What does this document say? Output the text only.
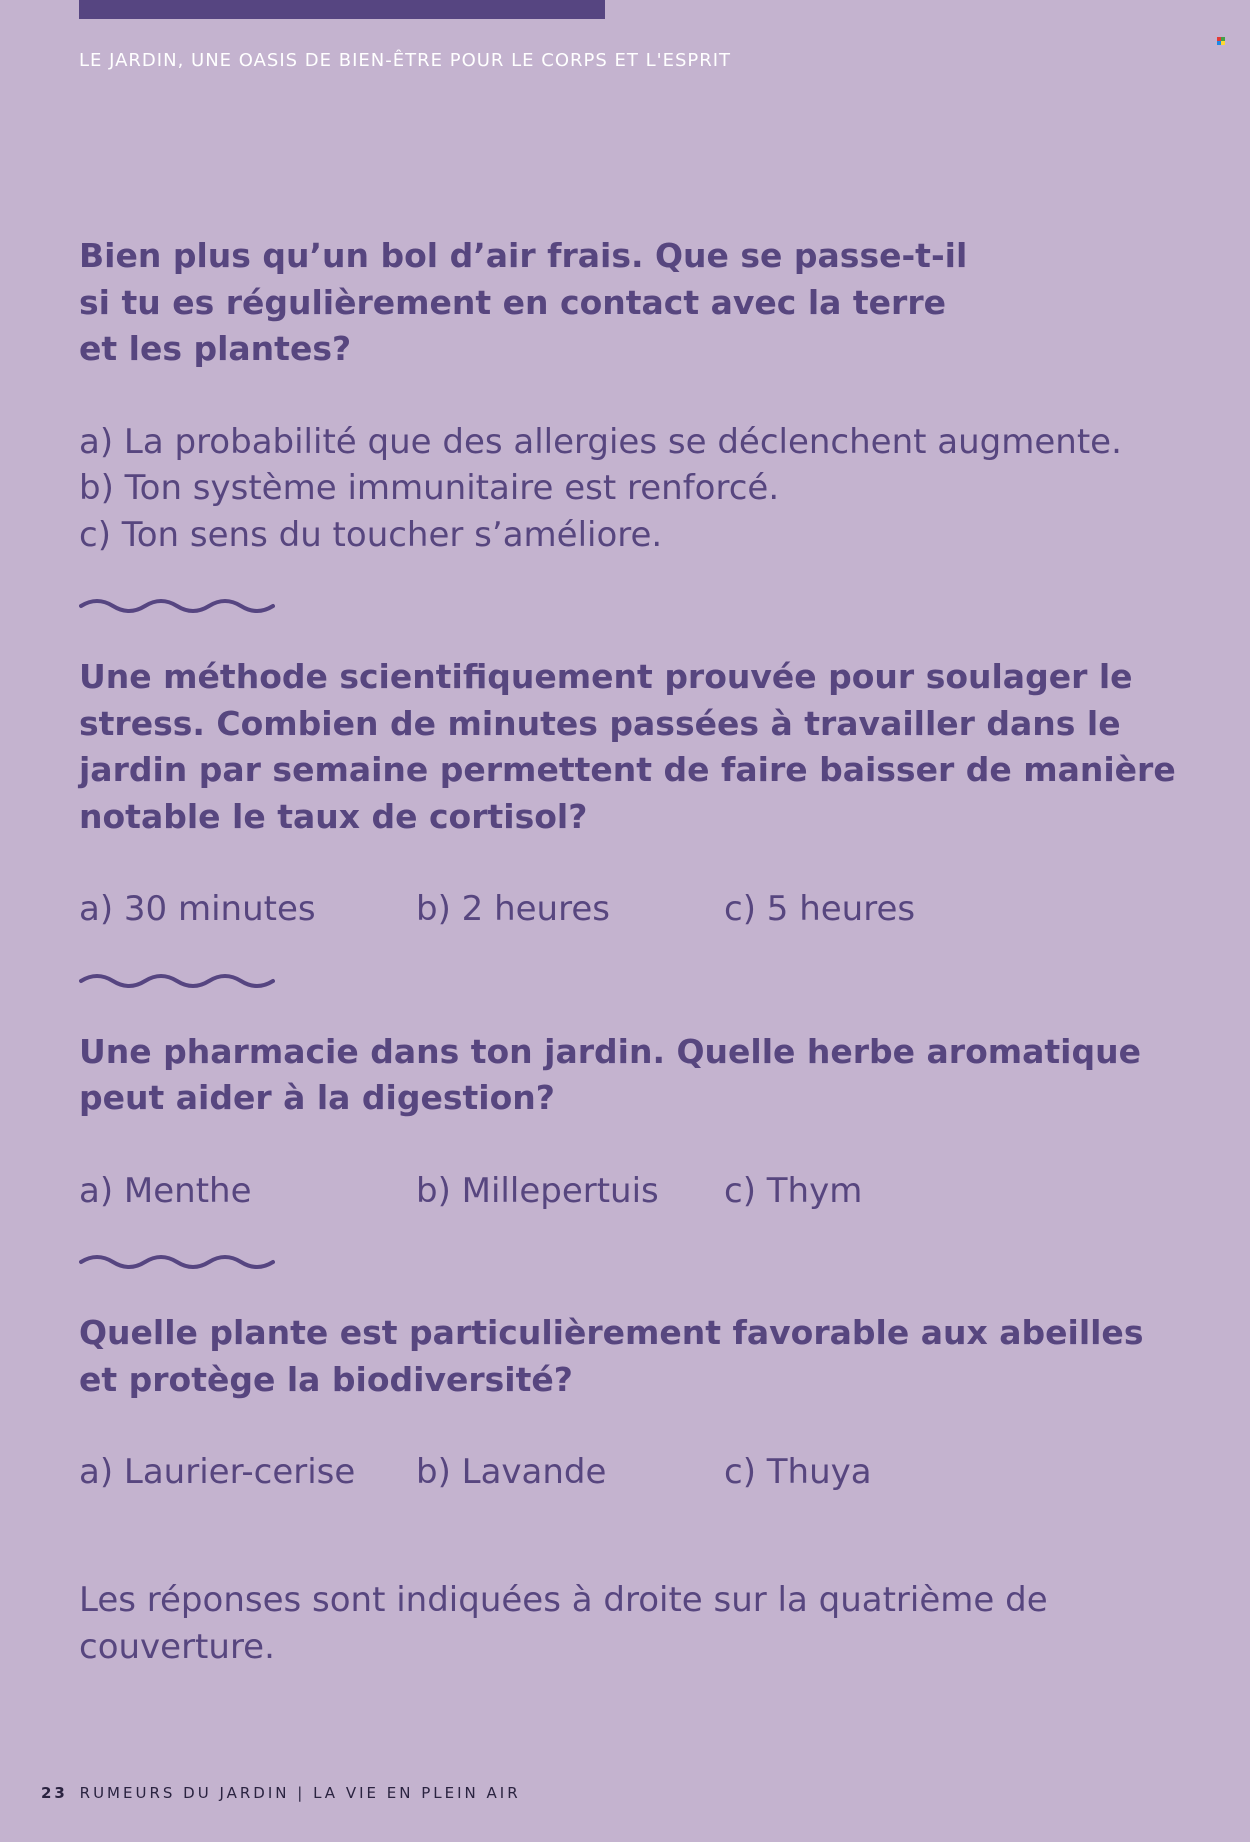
LE JARDIN, UNE OASIS DE BIEN-ÊTRE POUR LE CORPS ET L'ESPRIT

Bien plus qu’un bol d’air frais. Que se passe-t-il
si tu es régulièrement en contact avec la terre
et les plantes?

a) La probabilité que des allergies se déclenchent augmente.
b) Ton système immunitaire est renforcé.
c) Ton sens du toucher s’améliore.

Une méthode scientifiquement prouvée pour soulager le stress. Combien de minutes passées à travailler dans le jardin par semaine permettent de faire baisser de manière notable le taux de cortisol?

a) 30 minutes	b) 2 heures	c) 5 heures

Une pharmacie dans ton jardin. Quelle herbe aromatique peut aider à la digestion?

a) Menthe	b) Millepertuis	c) Thym

Quelle plante est particulièrement favorable aux abeilles et protège la biodiversité?

a) Laurier-cerise	b) Lavande	c) Thuya
Les réponses sont indiquées à droite sur la quatrième de couverture.
23 RUMEURS DU JARDIN | LA VIE EN PLEIN AIR
